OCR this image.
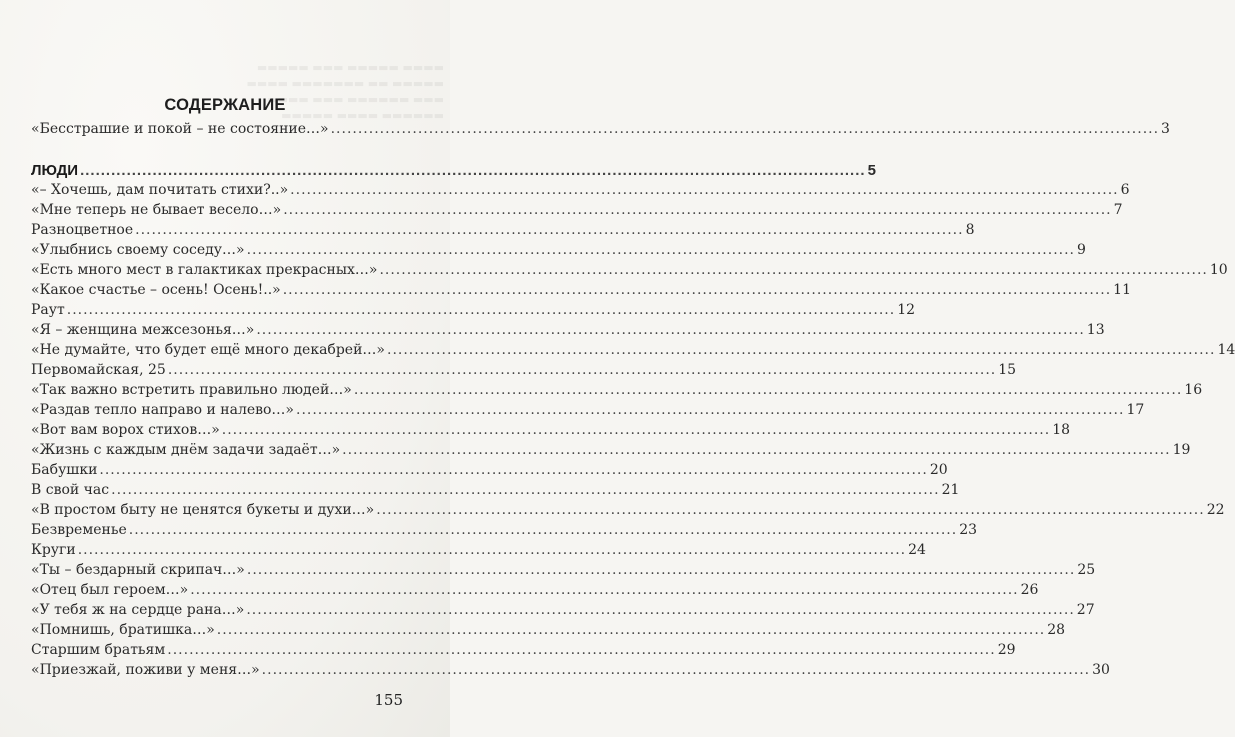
▬▬▬▬ ▬▬▬▬▬ ▬▬▬ ▬▬▬▬▬
▬▬▬▬▬ ▬▬ ▬▬▬▬▬▬▬ ▬▬▬▬
▬▬▬ ▬▬▬▬▬▬ ▬▬▬ ▬▬▬▬
▬▬▬▬▬▬ ▬▬▬▬ ▬▬▬▬▬
СОДЕРЖАНИЕ
«Бесстрашие и покой – не состояние…» .....	3
ЛЮДИ .....	5
«– Хочешь, дам почитать стихи?..» .....	6
«Мне теперь не бывает весело…» .....	7
Разноцветное .....	8
«Улыбнись своему соседу…» .....	9
«Есть много мест в галактиках прекрасных…» .....	10
«Какое счастье – осень! Осень!..» .....	11
Раут .....	12
«Я – женщина межсезонья…» .....	13
«Не думайте, что будет ещё много декабрей…» .....	14
Первомайская, 25 .....	15
«Так важно встретить правильно людей…» .....	16
«Раздав тепло направо и налево…» .....	17
«Вот вам ворох стихов…» .....	18
«Жизнь с каждым днём задачи задаёт…» .....	19
Бабушки .....	20
В свой час .....	21
«В простом быту не ценятся букеты и духи…» .....	22
Безвременье .....	23
Круги .....	24
«Ты – бездарный скрипач…» .....	25
«Отец был героем…» .....	26
«У тебя ж на сердце рана…» .....	27
«Помнишь, братишка…» .....	28
Старшим братьям .....	29
«Приезжай, поживи у меня…» .....	30
155
